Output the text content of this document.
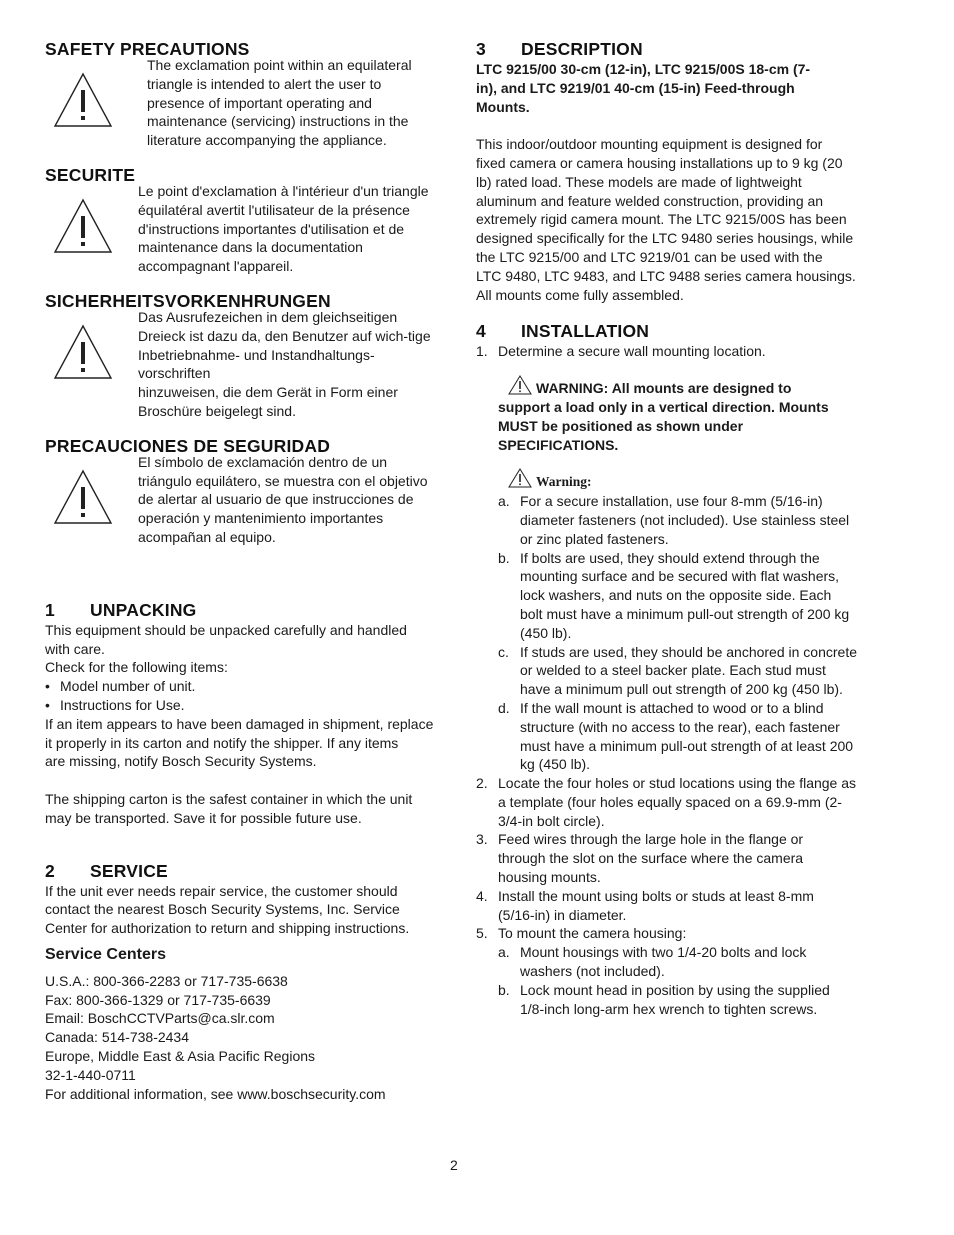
SAFETY PRECAUTIONS
The exclamation point within an equilateral
triangle is intended to alert the user to
presence of important operating and
maintenance (servicing) instructions in the
literature accompanying the appliance.
SECURITE
Le point d'exclamation à l'intérieur d'un triangle
équilatéral avertit l'utilisateur de la présence
d'instructions importantes d'utilisation et de
maintenance dans la documentation
accompagnant l'appareil.
SICHERHEITSVORKENHRUNGEN
Das Ausrufezeichen in dem gleichseitigen
Dreieck ist dazu da, den Benutzer auf wich-tige
Inbetriebnahme- und Instandhaltungs-vorschriften
hinzuweisen, die dem Gerät in Form einer
Broschüre beigelegt sind.
PRECAUCIONES DE SEGURIDAD
El símbolo de exclamación dentro de un
triángulo equilátero, se muestra con el objetivo
de alertar al usuario de que instrucciones de
operación y mantenimiento importantes
acompañan al equipo.
1 UNPACKING
This equipment should be unpacked carefully and handled
with care.
Check for the following items:
• Model number of unit.
• Instructions for Use.
If an item appears to have been damaged in shipment, replace
it properly in its carton and notify the shipper. If any items
are missing, notify Bosch Security Systems.
The shipping carton is the safest container in which the unit
may be transported. Save it for possible future use.
2 SERVICE
If the unit ever needs repair service, the customer should
contact the nearest Bosch Security Systems, Inc. Service
Center for authorization to return and shipping instructions.
Service Centers
U.S.A.: 800-366-2283 or 717-735-6638
Fax: 800-366-1329 or 717-735-6639
Email: BoschCCTVParts@ca.slr.com
Canada: 514-738-2434
Europe, Middle East & Asia Pacific Regions
32-1-440-0711
For additional information, see www.boschsecurity.com
3 DESCRIPTION
LTC 9215/00 30-cm (12-in), LTC 9215/00S 18-cm (7-
in), and LTC 9219/01 40-cm (15-in) Feed-through
Mounts.
This indoor/outdoor mounting equipment is designed for
fixed camera or camera housing installations up to 9 kg (20
lb) rated load. These models are made of lightweight
aluminum and feature welded construction, providing an
extremely rigid camera mount. The LTC 9215/00S has been
designed specifically for the LTC 9480 series housings, while
the LTC 9215/00 and LTC 9219/01 can be used with the
LTC 9480, LTC 9483, and LTC 9488 series camera housings.
All mounts come fully assembled.
4 INSTALLATION
1. Determine a secure wall mounting location.
WARNING: All mounts are designed to
support a load only in a vertical direction. Mounts
MUST be positioned as shown under
SPECIFICATIONS.
Warning:
a. For a secure installation, use four 8-mm (5/16-in)
diameter fasteners (not included). Use stainless steel
or zinc plated fasteners.
b. If bolts are used, they should extend through the
mounting surface and be secured with flat washers,
lock washers, and nuts on the opposite side. Each
bolt must have a minimum pull-out strength of 200 kg
(450 lb).
c. If studs are used, they should be anchored in concrete
or welded to a steel backer plate. Each stud must
have a minimum pull out strength of 200 kg (450 lb).
d. If the wall mount is attached to wood or to a blind
structure (with no access to the rear), each fastener
must have a minimum pull-out strength of at least 200
kg (450 lb).
2. Locate the four holes or stud locations using the flange as
a template (four holes equally spaced on a 69.9-mm (2-
3/4-in bolt circle).
3. Feed wires through the large hole in the flange or
through the slot on the surface where the camera
housing mounts.
4. Install the mount using bolts or studs at least 8-mm
(5/16-in) in diameter.
5. To mount the camera housing:
a. Mount housings with two 1/4-20 bolts and lock
washers (not included).
b. Lock mount head in position by using the supplied
1/8-inch long-arm hex wrench to tighten screws.
2
